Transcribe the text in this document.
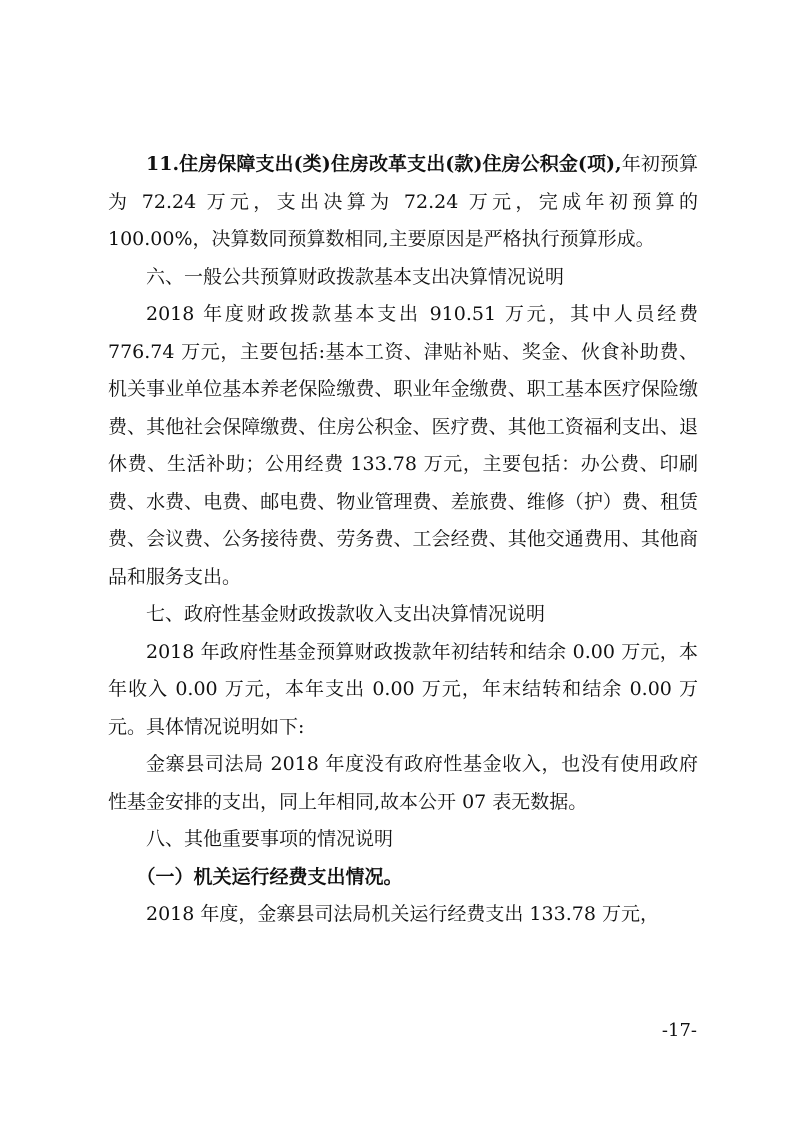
11.住房保障支出(类)住房改革支出(款)住房公积金(项),年初预算为 72.24 万元，支出决算为 72.24 万元，完成年初预算的 100.00%，决算数同预算数相同,主要原因是严格执行预算形成。

六、一般公共预算财政拨款基本支出决算情况说明

2018 年度财政拨款基本支出 910.51 万元，其中人员经费 776.74 万元，主要包括:基本工资、津贴补贴、奖金、伙食补助费、机关事业单位基本养老保险缴费、职业年金缴费、职工基本医疗保险缴费、其他社会保障缴费、住房公积金、医疗费、其他工资福利支出、退休费、生活补助；公用经费 133.78 万元，主要包括：办公费、印刷费、水费、电费、邮电费、物业管理费、差旅费、维修（护）费、租赁费、会议费、公务接待费、劳务费、工会经费、其他交通费用、其他商品和服务支出。

七、政府性基金财政拨款收入支出决算情况说明

2018 年政府性基金预算财政拨款年初结转和结余 0.00 万元，本年收入 0.00 万元，本年支出 0.00 万元，年末结转和结余 0.00 万元。具体情况说明如下:

金寨县司法局 2018 年度没有政府性基金收入，也没有使用政府性基金安排的支出，同上年相同,故本公开 07 表无数据。

八、其他重要事项的情况说明

（一）机关运行经费支出情况。

2018 年度，金寨县司法局机关运行经费支出 133.78 万元，

-17-
